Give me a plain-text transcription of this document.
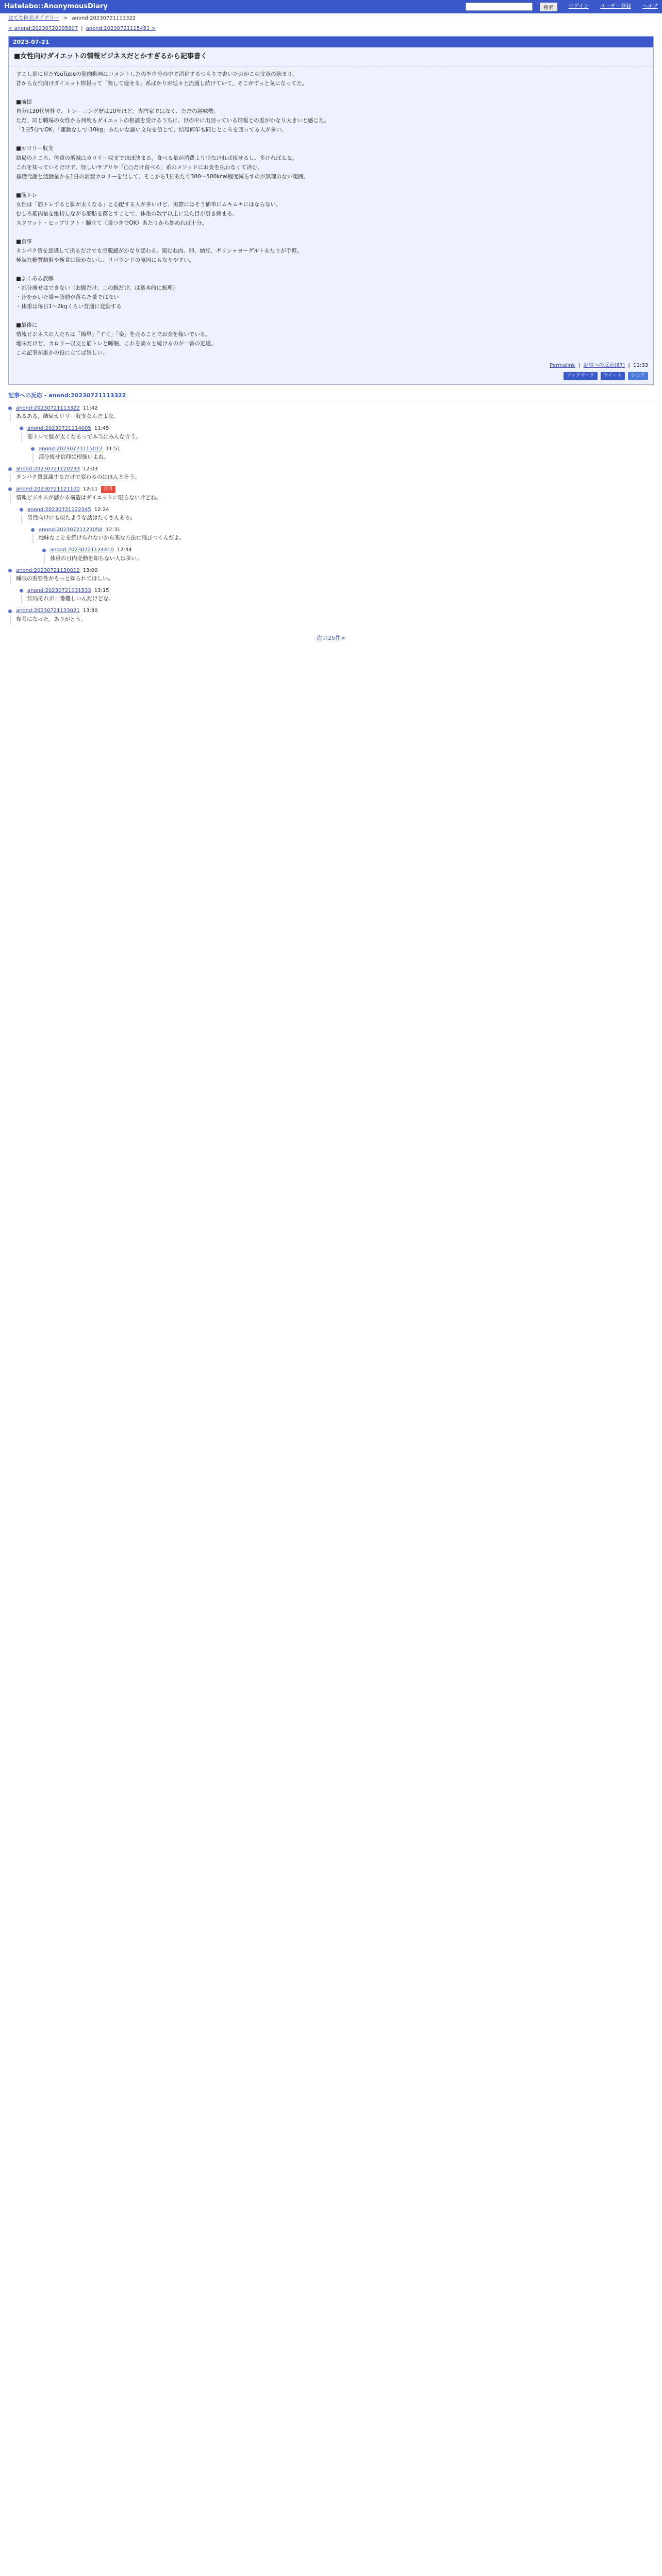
Hatelabo::AnonymousDiary	検索	ログイン ユーザー登録 ヘルプ
はてな匿名ダイアリー > anond:20230721113322
< anond:20230720095807 | anond:20230721115451 >
2023-07-21
■女性向けダイエットの情報ビジネスだとかすぎるから記事書く

すこし前に見たYouTubeの筋肉動画にコメントしたのを自分の中で消化するつもりで書いたのがこの文章の始まり。

昔から女性向けダイエット情報って「楽して痩せる」系ばかりが延々と流通し続けていて、そこがずっと気になってた。

■前提

自分は30代男性で、トレーニング歴は10年ほど。専門家ではなく、ただの趣味勢。

ただ、同じ職場の女性から何度もダイエットの相談を受けるうちに、世の中に出回っている情報との差がかなり大きいと感じた。

「1日5分でOK」「運動なしで-10kg」みたいな謳い文句を信じて、結局何年も同じところを回ってる人が多い。

■カロリー収支

結局のところ、体重の増減はカロリー収支でほぼ決まる。食べる量が消費より少なければ痩せるし、多ければ太る。

これを知っているだけで、怪しいサプリや「○○だけ食べる」系のメソッドにお金を払わなくて済む。

基礎代謝と活動量から1日の消費カロリーを出して、そこから1日あたり300〜500kcal程度減らすのが無理のない範囲。

■筋トレ

女性は「筋トレすると脚が太くなる」と心配する人が多いけど、実際にはそう簡単にムキムキにはならない。

むしろ筋肉量を維持しながら脂肪を落とすことで、体重の数字以上に見た目が引き締まる。

スクワット・ヒップリフト・腕立て（膝つきでOK）あたりから始めれば十分。

■食事

タンパク質を意識して摂るだけでも空腹感がかなり変わる。鶏むね肉、卵、納豆、ギリシャヨーグルトあたりが手軽。

極端な糖質制限や断食は続かないし、リバウンドの原因にもなりやすい。

■よくある誤解

・部分痩せはできない（お腹だけ、二の腕だけ、は基本的に無理）

・汗をかいた量＝脂肪が落ちた量ではない

・体重は毎日1〜2kgくらい普通に変動する

■最後に

情報ビジネスの人たちは「簡単」「すぐ」「楽」を売ることでお金を稼いでいる。

地味だけど、カロリー収支と筋トレと睡眠、これを淡々と続けるのが一番の近道。

この記事が誰かの役に立てば嬉しい。

Permalink  |  記事への反応(67)  |  11:33
ブックマーク	ツイート	シェア
記事への反応 - anond:20230721113322
anond:20230721113322 11:42
あるある。結局カロリー収支なんだよな。
anond:20230721114005 11:45
筋トレで脚が太くなるって本当にみんな言う。
anond:20230721115012 11:51
部分痩せ信仰は根強いよね。
anond:20230721120233 12:03
タンパク質意識するだけで変わるのはほんとそう。
anond:20230721121100 12:11	注目
情報ビジネスが儲かる構造はダイエットに限らないけどね。
anond:20230721122345 12:24
男性向けにも似たような話はたくさんある。
anond:20230721123050 12:31
地味なことを続けられないから楽な方法に飛びつくんだよ。
anond:20230721124410 12:44
体重の日内変動を知らない人は多い。
anond:20230721130012 13:00
睡眠の重要性がもっと知られてほしい。
anond:20230721131533 13:15
結局それが一番難しいんだけどな。
anond:20230721133021 13:30
参考になった。ありがとう。
次の25件>
